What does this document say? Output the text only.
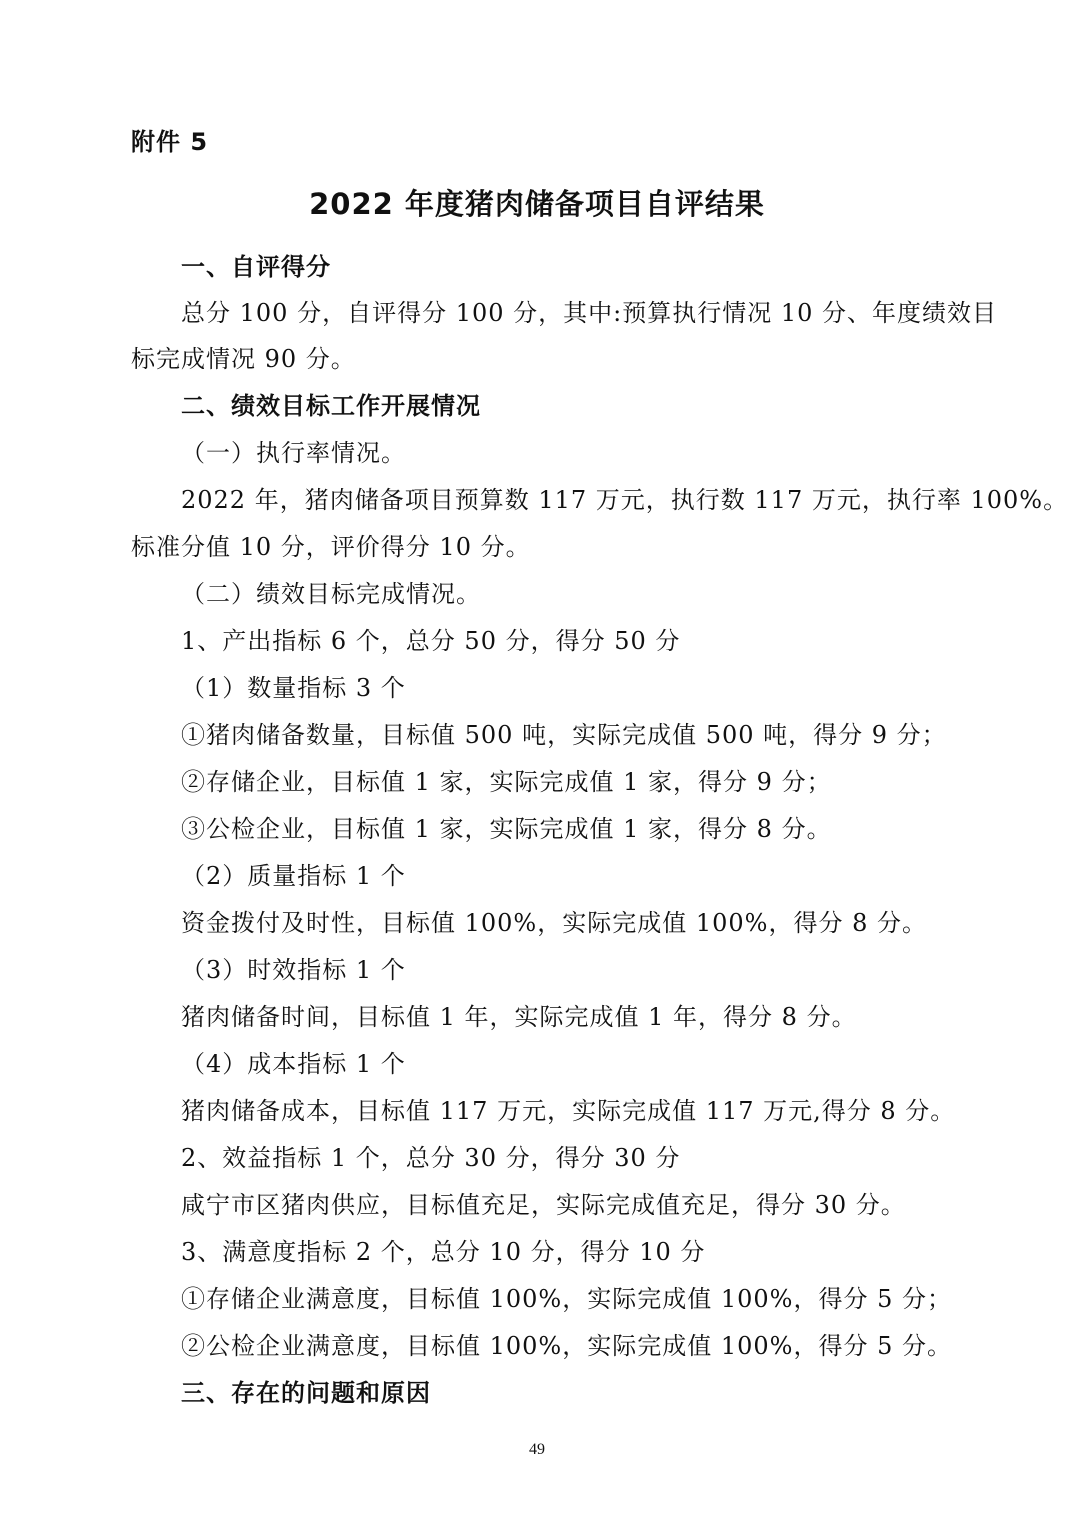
附件 5
2022 年度猪肉储备项目自评结果
一、自评得分
总分 100 分，自评得分 100 分，其中:预算执行情况 10 分、年度绩效目
标完成情况 90 分。
二、绩效目标工作开展情况
（一）执行率情况。
2022 年，猪肉储备项目预算数 117 万元，执行数 117 万元，执行率 100%。
标准分值 10 分，评价得分 10 分。
（二）绩效目标完成情况。
1、产出指标 6 个，总分 50 分，得分 50 分
（1）数量指标 3 个
①猪肉储备数量，目标值 500 吨，实际完成值 500 吨，得分 9 分；
②存储企业，目标值 1 家，实际完成值 1 家，得分 9 分；
③公检企业，目标值 1 家，实际完成值 1 家，得分 8 分。
（2）质量指标 1 个
资金拨付及时性，目标值 100%，实际完成值 100%，得分 8 分。
（3）时效指标 1 个
猪肉储备时间，目标值 1 年，实际完成值 1 年，得分 8 分。
（4）成本指标 1 个
猪肉储备成本，目标值 117 万元，实际完成值 117 万元,得分 8 分。
2、效益指标 1 个，总分 30 分，得分 30 分
咸宁市区猪肉供应，目标值充足，实际完成值充足，得分 30 分。
3、满意度指标 2 个，总分 10 分，得分 10 分
①存储企业满意度，目标值 100%，实际完成值 100%，得分 5 分；
②公检企业满意度，目标值 100%，实际完成值 100%，得分 5 分。
三、存在的问题和原因
49
